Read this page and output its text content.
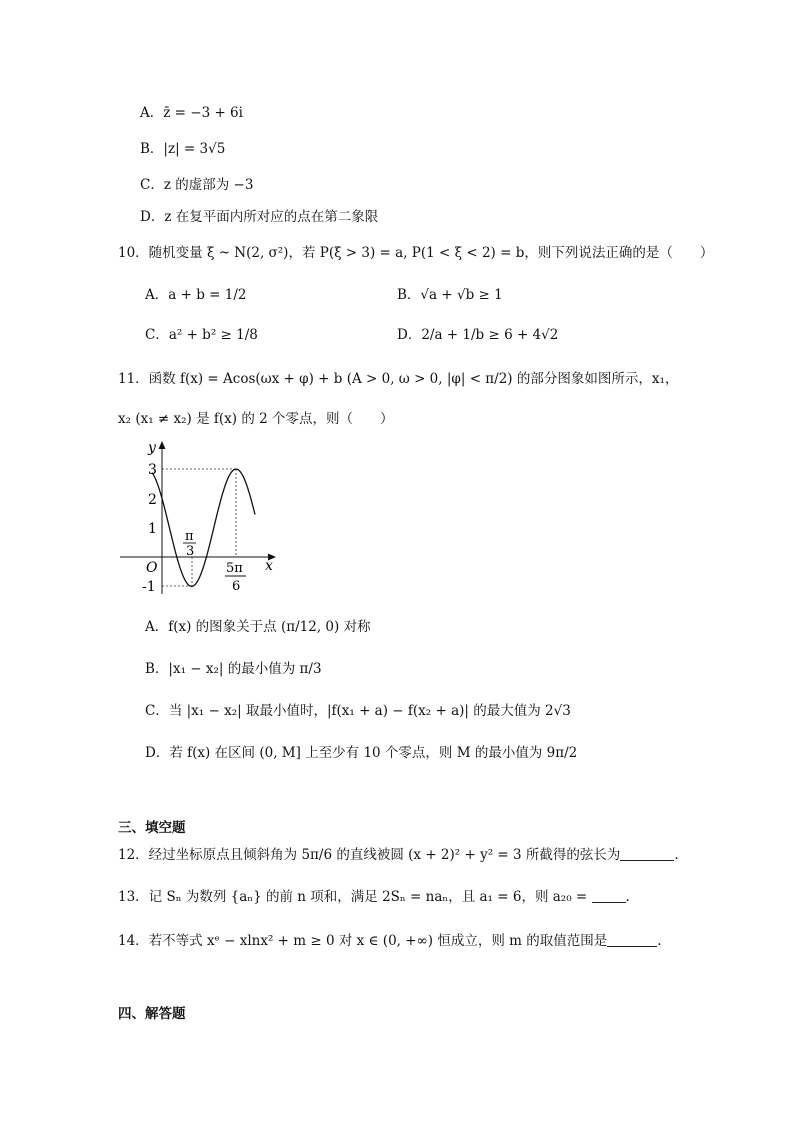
A．z̄ = −3 + 6i
B．|z| = 3√5
C．z 的虚部为 −3
D．z 在复平面内所对应的点在第二象限
10．随机变量 ξ ~ N(2, σ²)，若 P(ξ > 3) = a, P(1 < ξ < 2) = b，则下列说法正确的是（　　）
A．a + b = 1/2	B．√a + √b ≥ 1
C．a² + b² ≥ 1/8	D．2/a + 1/b ≥ 6 + 4√2
11．函数 f(x) = Acos(ωx + φ) + b (A > 0, ω > 0, |φ| < π/2) 的部分图象如图所示，x₁，
x₂ (x₁ ≠ x₂) 是 f(x) 的 2 个零点，则（　　）
y
3
2
1
O
-1
x
π
3
5π
6
A．f(x) 的图象关于点 (π/12, 0) 对称
B．|x₁ − x₂| 的最小值为 π/3
C．当 |x₁ − x₂| 取最小值时，|f(x₁ + a) − f(x₂ + a)| 的最大值为 2√3
D．若 f(x) 在区间 (0, M] 上至少有 10 个零点，则 M 的最小值为 9π/2
三、填空题
12．经过坐标原点且倾斜角为 5π/6 的直线被圆 (x + 2)² + y² = 3 所截得的弦长为	.
13．记 Sₙ 为数列 {aₙ} 的前 n 项和，满足 2Sₙ = naₙ，且 a₁ = 6，则 a₂₀ =	.
14．若不等式 xᵉ − xlnx² + m ≥ 0 对 x ∈ (0, +∞) 恒成立，则 m 的取值范围是	.
四、解答题
